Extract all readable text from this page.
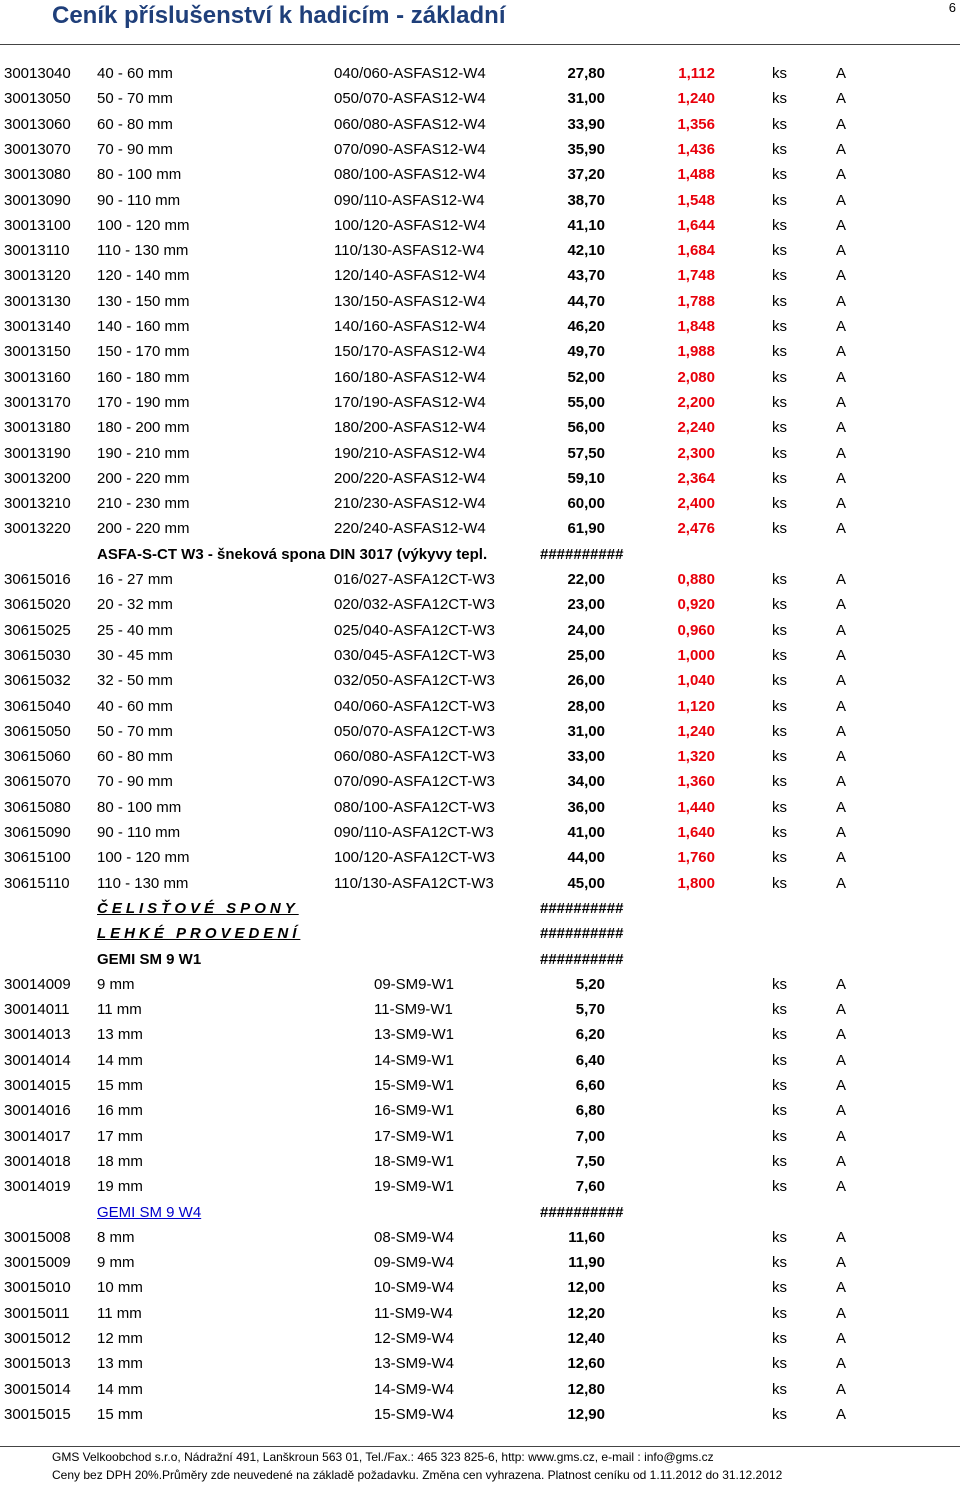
Ceník příslušenství k hadicím - základní	6
30013040 40 - 60 mm	040/060-ASFAS12-W4	27,80	1,112	ks	A
30013050 50 - 70 mm	050/070-ASFAS12-W4	31,00	1,240	ks	A
30013060 60 - 80 mm	060/080-ASFAS12-W4	33,90	1,356	ks	A
30013070 70 - 90 mm	070/090-ASFAS12-W4	35,90	1,436	ks	A
30013080 80 - 100 mm	080/100-ASFAS12-W4	37,20	1,488	ks	A
30013090 90 - 110 mm	090/110-ASFAS12-W4	38,70	1,548	ks	A
30013100 100 - 120 mm	100/120-ASFAS12-W4	41,10	1,644	ks	A
30013110 110 - 130 mm	110/130-ASFAS12-W4	42,10	1,684	ks	A
30013120 120 - 140 mm	120/140-ASFAS12-W4	43,70	1,748	ks	A
30013130 130 - 150 mm	130/150-ASFAS12-W4	44,70	1,788	ks	A
30013140 140 - 160 mm	140/160-ASFAS12-W4	46,20	1,848	ks	A
30013150 150 - 170 mm	150/170-ASFAS12-W4	49,70	1,988	ks	A
30013160 160 - 180 mm	160/180-ASFAS12-W4	52,00	2,080	ks	A
30013170 170 - 190 mm	170/190-ASFAS12-W4	55,00	2,200	ks	A
30013180 180 - 200 mm	180/200-ASFAS12-W4	56,00	2,240	ks	A
30013190 190 - 210 mm	190/210-ASFAS12-W4	57,50	2,300	ks	A
30013200 200 - 220 mm	200/220-ASFAS12-W4	59,10	2,364	ks	A
30013210 210 - 230 mm	210/230-ASFAS12-W4	60,00	2,400	ks	A
30013220 200 - 220 mm	220/240-ASFAS12-W4	61,90	2,476	ks	A
ASFA-S-CT W3 - šneková spona DIN 3017 (výkyvy tepl.	##########
30615016 16 - 27 mm	016/027-ASFA12CT-W3	22,00	0,880	ks	A
30615020 20 - 32 mm	020/032-ASFA12CT-W3	23,00	0,920	ks	A
30615025 25 - 40 mm	025/040-ASFA12CT-W3	24,00	0,960	ks	A
30615030 30 - 45 mm	030/045-ASFA12CT-W3	25,00	1,000	ks	A
30615032 32 - 50 mm	032/050-ASFA12CT-W3	26,00	1,040	ks	A
30615040 40 - 60 mm	040/060-ASFA12CT-W3	28,00	1,120	ks	A
30615050 50 - 70 mm	050/070-ASFA12CT-W3	31,00	1,240	ks	A
30615060 60 - 80 mm	060/080-ASFA12CT-W3	33,00	1,320	ks	A
30615070 70 - 90 mm	070/090-ASFA12CT-W3	34,00	1,360	ks	A
30615080 80 - 100 mm	080/100-ASFA12CT-W3	36,00	1,440	ks	A
30615090 90 - 110 mm	090/110-ASFA12CT-W3	41,00	1,640	ks	A
30615100 100 - 120 mm	100/120-ASFA12CT-W3	44,00	1,760	ks	A
30615110 110 - 130 mm	110/130-ASFA12CT-W3	45,00	1,800	ks	A
ČELISŤOVÉ SPONY	##########
LEHKÉ PROVEDENÍ	##########
GEMI SM 9 W1	##########
30014009 9 mm	09-SM9-W1	5,20	ks	A
30014011 11 mm	11-SM9-W1	5,70	ks	A
30014013 13 mm	13-SM9-W1	6,20	ks	A
30014014 14 mm	14-SM9-W1	6,40	ks	A
30014015 15 mm	15-SM9-W1	6,60	ks	A
30014016 16 mm	16-SM9-W1	6,80	ks	A
30014017 17 mm	17-SM9-W1	7,00	ks	A
30014018 18 mm	18-SM9-W1	7,50	ks	A
30014019 19 mm	19-SM9-W1	7,60	ks	A
GEMI SM 9 W4	##########
30015008 8 mm	08-SM9-W4	11,60	ks	A
30015009 9 mm	09-SM9-W4	11,90	ks	A
30015010 10 mm	10-SM9-W4	12,00	ks	A
30015011 11 mm	11-SM9-W4	12,20	ks	A
30015012 12 mm	12-SM9-W4	12,40	ks	A
30015013 13 mm	13-SM9-W4	12,60	ks	A
30015014 14 mm	14-SM9-W4	12,80	ks	A
30015015 15 mm	15-SM9-W4	12,90	ks	A
GMS Velkoobchod s.r.o, Nádražní 491, Lanškroun 563 01, Tel./Fax.: 465 323 825-6, http: www.gms.cz, e-mail : info@gms.cz
Ceny bez DPH 20%.Průměry zde neuvedené na základě požadavku. Změna cen vyhrazena. Platnost ceníku od 1.11.2012 do 31.12.2012
